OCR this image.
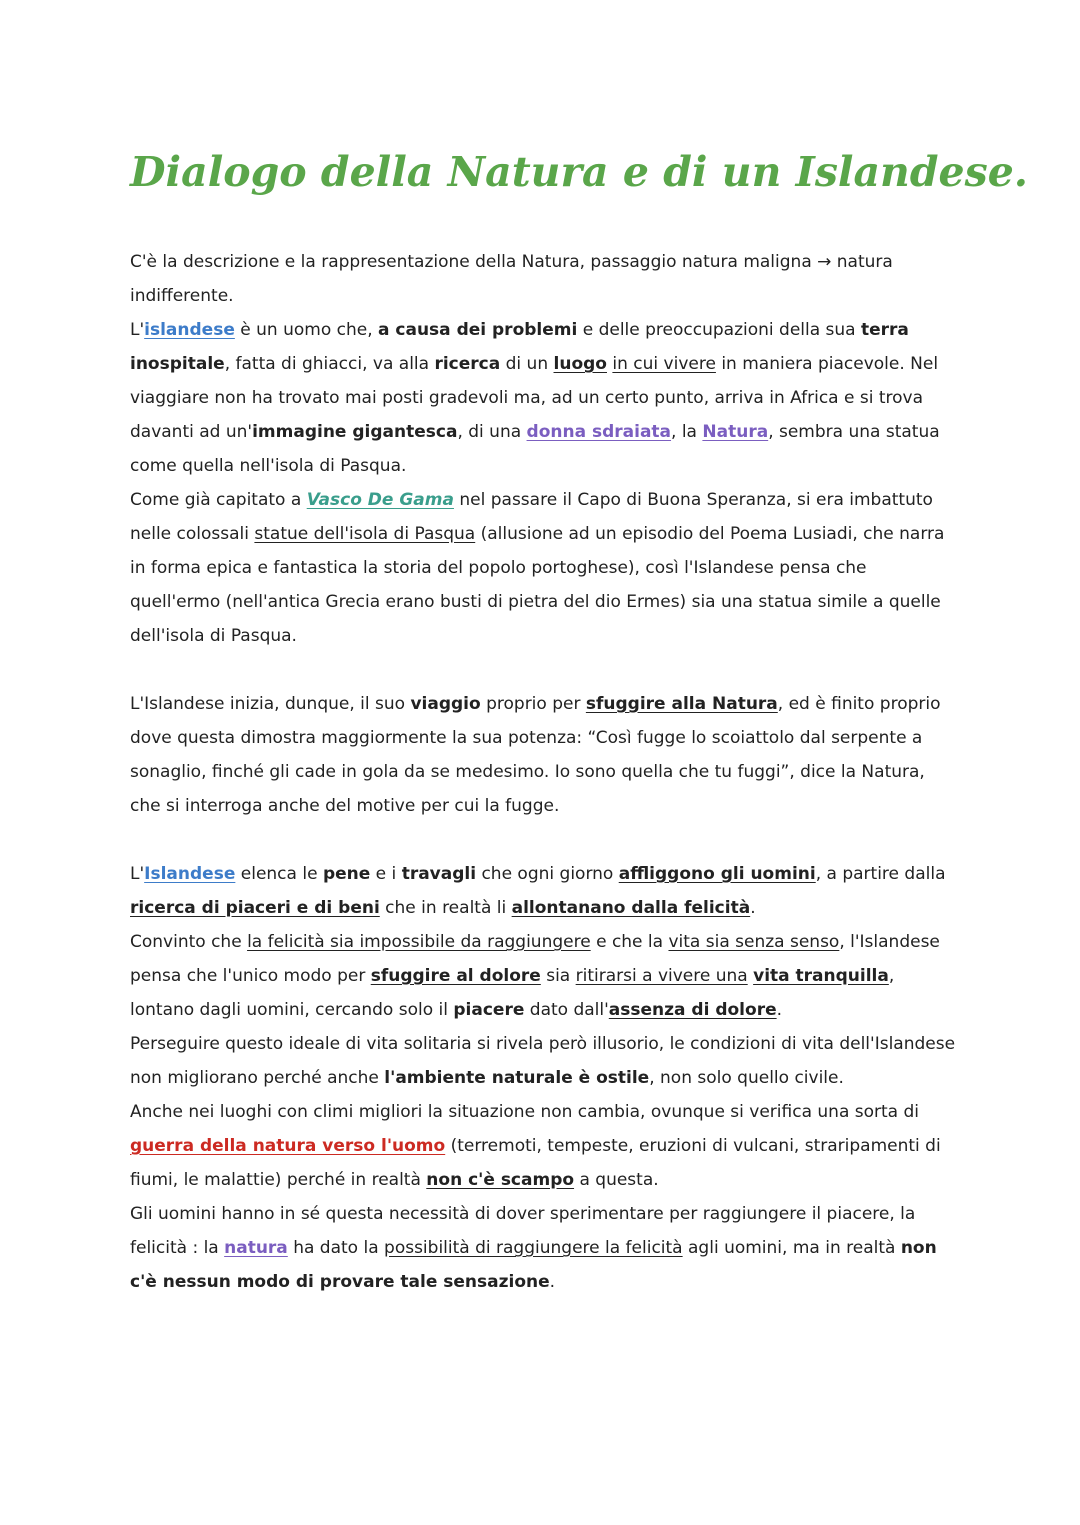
Dialogo della Natura e di un Islandese.

C'è la descrizione e la rappresentazione della Natura, passaggio natura maligna → natura indifferente.

L'islandese è un uomo che, a causa dei problemi e delle preoccupazioni della sua terra inospitale, fatta di ghiacci, va alla ricerca di un luogo in cui vivere in maniera piacevole. Nel viaggiare non ha trovato mai posti gradevoli ma, ad un certo punto, arriva in Africa e si trova davanti ad un'immagine gigantesca, di una donna sdraiata, la Natura, sembra una statua come quella nell'isola di Pasqua.

Come già capitato a Vasco De Gama nel passare il Capo di Buona Speranza, si era imbattuto nelle colossali statue dell'isola di Pasqua (allusione ad un episodio del Poema Lusiadi, che narra in forma epica e fantastica la storia del popolo portoghese), così l'Islandese pensa che quell'ermo (nell'antica Grecia erano busti di pietra del dio Ermes) sia una statua simile a quelle dell'isola di Pasqua.

L'Islandese inizia, dunque, il suo viaggio proprio per sfuggire alla Natura, ed è finito proprio dove questa dimostra maggiormente la sua potenza: “Così fugge lo scoiattolo dal serpente a sonaglio, finché gli cade in gola da se medesimo. Io sono quella che tu fuggi”, dice la Natura, che si interroga anche del motive per cui la fugge.

L'Islandese elenca le pene e i travagli che ogni giorno affliggono gli uomini, a partire dalla ricerca di piaceri e di beni che in realtà li allontanano dalla felicità.

Convinto che la felicità sia impossibile da raggiungere e che la vita sia senza senso, l'Islandese pensa che l'unico modo per sfuggire al dolore sia ritirarsi a vivere una vita tranquilla, lontano dagli uomini, cercando solo il piacere dato dall'assenza di dolore.

Perseguire questo ideale di vita solitaria si rivela però illusorio, le condizioni di vita dell'Islandese non migliorano perché anche l'ambiente naturale è ostile, non solo quello civile.

Anche nei luoghi con climi migliori la situazione non cambia, ovunque si verifica una sorta di guerra della natura verso l'uomo (terremoti, tempeste, eruzioni di vulcani, straripamenti di fiumi, le malattie) perché in realtà non c'è scampo a questa.

Gli uomini hanno in sé questa necessità di dover sperimentare per raggiungere il piacere, la felicità : la natura ha dato la possibilità di raggiungere la felicità agli uomini, ma in realtà non c'è nessun modo di provare tale sensazione.
